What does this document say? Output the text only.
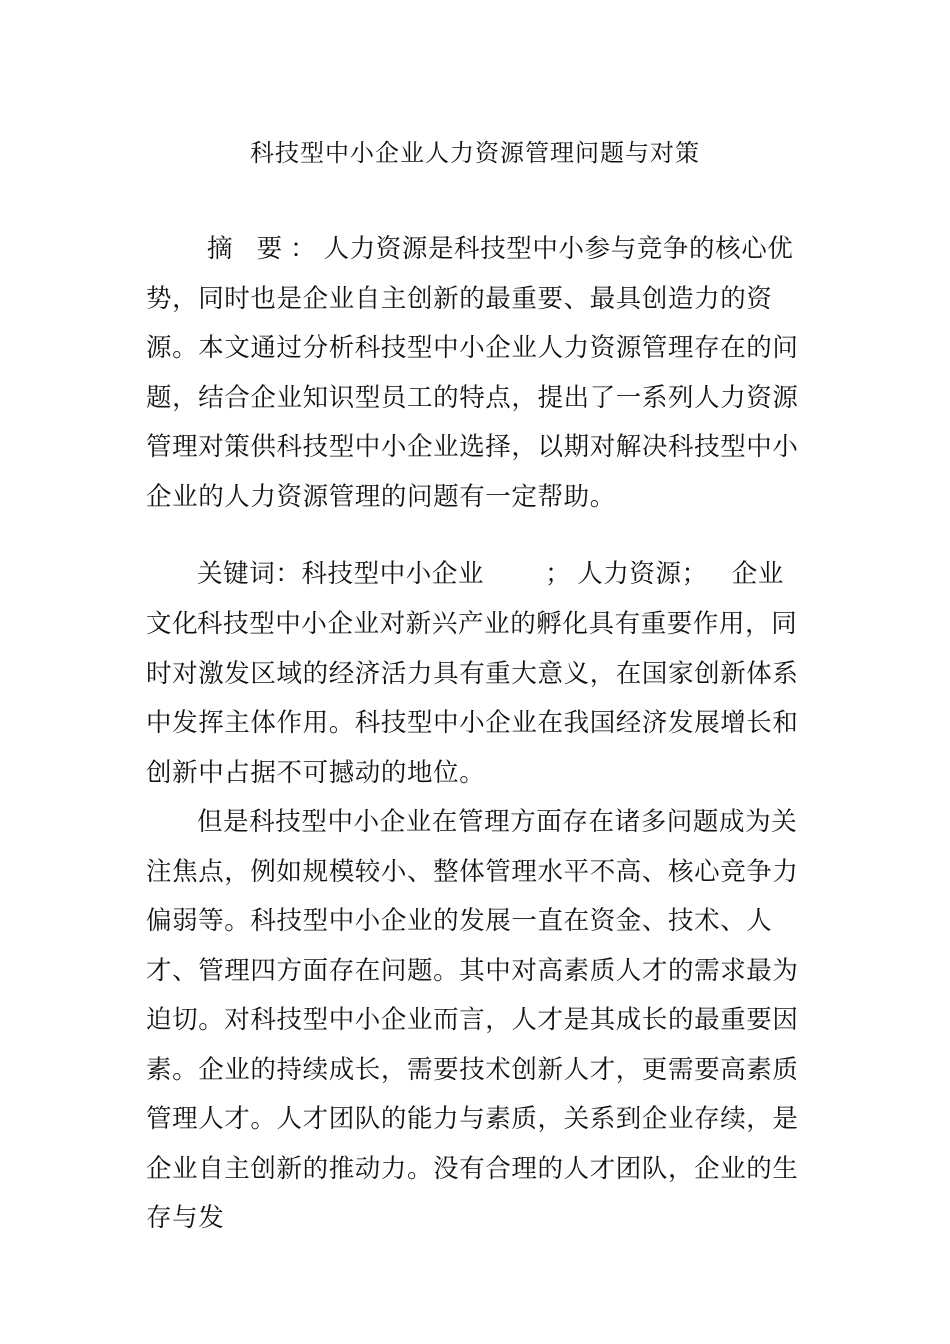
科技型中小企业人力资源管理问题与对策

摘 要：人力资源是科技型中小参与竞争的核心优势，同时也是企业自主创新的最重要、最具创造力的资源。本文通过分析科技型中小企业人力资源管理存在的问题，结合企业知识型员工的特点，提出了一系列人力资源管理对策供科技型中小企业选择，以期对解决科技型中小企业的人力资源管理的问题有一定帮助。

关键词：科技型中小企业； 人力资源； 企业文化

科技型中小企业对新兴产业的孵化具有重要作用，同时对激发区域的经济活力具有重大意义，在国家创新体系中发挥主体作用。科技型中小企业在我国经济发展增长和创新中占据不可撼动的地位。

但是科技型中小企业在管理方面存在诸多问题成为关注焦点，例如规模较小、整体管理水平不高、核心竞争力偏弱等。科技型中小企业的发展一直在资金、技术、人才、管理四方面存在问题。其中对高素质人才的需求最为迫切。对科技型中小企业而言，人才是其成长的最重要因素。企业的持续成长，需要技术创新人才，更需要高素质管理人才。人才团队的能力与素质，关系到企业存续，是企业自主创新的推动力。没有合理的人才团队，企业的生存与发
